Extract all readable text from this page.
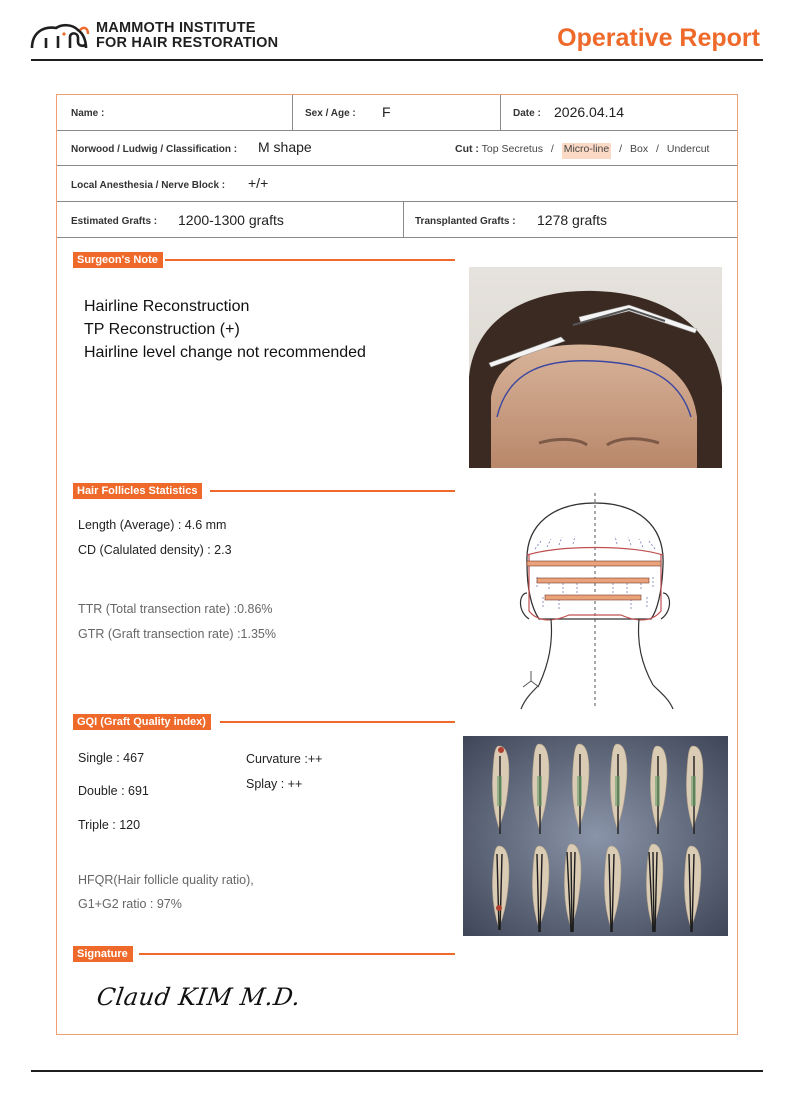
MAMMOTH INSTITUTE
FOR HAIR RESTORATION	Operative Report
Name :	Sex / Age : F	Date : 2026.04.14
Norwood / Ludwig / Classification : M shape	Cut : Top Secretus / Micro-line / Box / Undercut
Local Anesthesia / Nerve Block : +/+
Estimated Grafts : 1200-1300 grafts	Transplanted Grafts : 1278 grafts
Surgeon's Note
Hairline Reconstruction
TP Reconstruction (+)
Hairline level change not recommended
Hair Follicles Statistics
Length (Average) : 4.6 mm
CD (Calulated density) : 2.3
TTR (Total transection rate) :0.86%
GTR (Graft transection rate) :1.35%
GQI (Graft Quality index)
Single : 467
Double : 691
Triple : 120
Curvature :++
Splay : ++
HFQR(Hair follicle quality ratio),
G1+G2 ratio : 97%
Signature
Claud KIM M.D.
